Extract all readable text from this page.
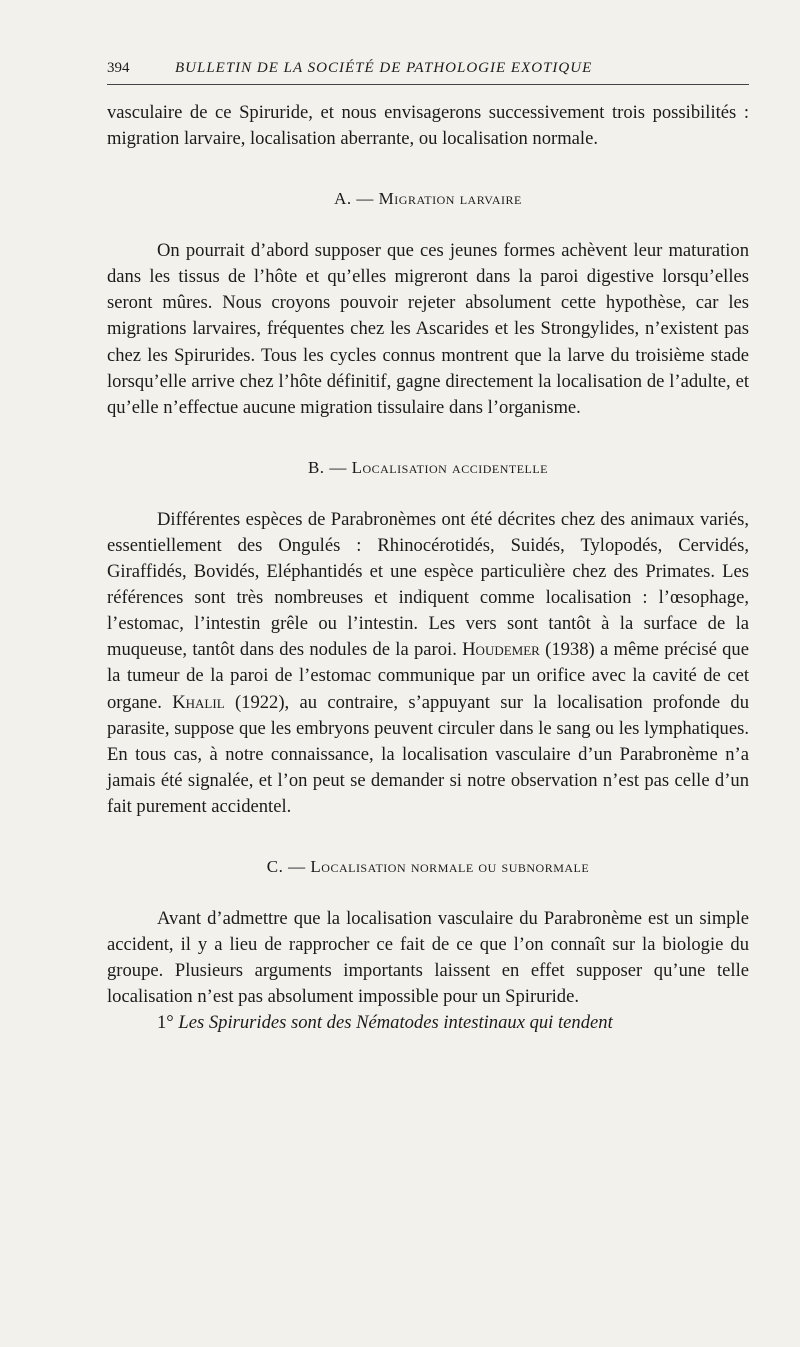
394	BULLETIN DE LA SOCIÉTÉ DE PATHOLOGIE EXOTIQUE

vasculaire de ce Spiruride, et nous envisagerons successivement trois possibilités : migration larvaire, localisation aberrante, ou localisation normale.

A. — Migration larvaire

On pourrait d’abord supposer que ces jeunes formes achèvent leur maturation dans les tissus de l’hôte et qu’elles migreront dans la paroi digestive lorsqu’elles seront mûres. Nous croyons pouvoir rejeter absolument cette hypothèse, car les migrations larvaires, fréquentes chez les Ascarides et les Strongylides, n’existent pas chez les Spirurides. Tous les cycles connus montrent que la larve du troisième stade lorsqu’elle arrive chez l’hôte définitif, gagne directement la localisation de l’adulte, et qu’elle n’effectue aucune migration tissulaire dans l’organisme.

B. — Localisation accidentelle

Différentes espèces de Parabronèmes ont été décrites chez des animaux variés, essentiellement des Ongulés : Rhinocérotidés, Suidés, Tylopodés, Cervidés, Giraffidés, Bovidés, Eléphantidés et une espèce particulière chez des Primates. Les références sont très nombreuses et indiquent comme localisation : l’œsophage, l’estomac, l’intestin grêle ou l’intestin. Les vers sont tantôt à la surface de la muqueuse, tantôt dans des nodules de la paroi. Houdemer (1938) a même précisé que la tumeur de la paroi de l’estomac communique par un orifice avec la cavité de cet organe. Khalil (1922), au contraire, s’appuyant sur la localisation profonde du parasite, suppose que les embryons peuvent circuler dans le sang ou les lymphatiques. En tous cas, à notre connaissance, la localisation vasculaire d’un Parabronème n’a jamais été signalée, et l’on peut se demander si notre observation n’est pas celle d’un fait purement accidentel.

C. — Localisation normale ou subnormale

Avant d’admettre que la localisation vasculaire du Parabronème est un simple accident, il y a lieu de rapprocher ce fait de ce que l’on connaît sur la biologie du groupe. Plusieurs arguments importants laissent en effet supposer qu’une telle localisation n’est pas absolument impossible pour un Spiruride.

1° Les Spirurides sont des Nématodes intestinaux qui tendent
